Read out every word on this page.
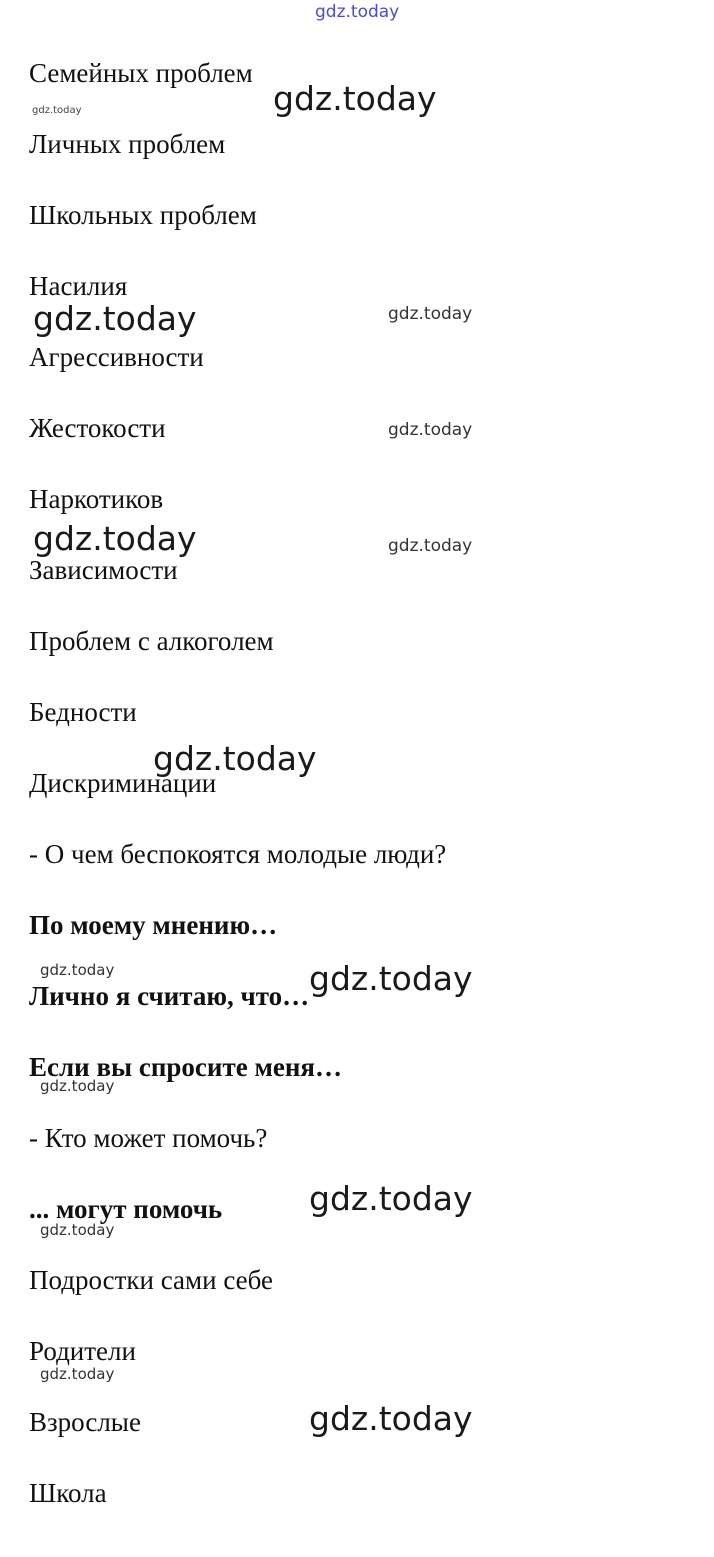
gdz.today
Семейных проблем
Личных проблем
Школьных проблем
Насилия
Агрессивности
Жестокости
Наркотиков
Зависимости
Проблем с алкоголем
Бедности
Дискриминации
- О чем беспокоятся молодые люди?
По моему мнению…
Лично я считаю, что…
Если вы спросите меня…
- Кто может помочь?
... могут помочь
Подростки сами себе
Родители
Взрослые
Школа
gdz.today
gdz.today
gdz.today	gdz.today
gdz.today
gdz.today	gdz.today
gdz.today
gdz.today	gdz.today
gdz.today
gdz.today
gdz.today
gdz.today
gdz.today
